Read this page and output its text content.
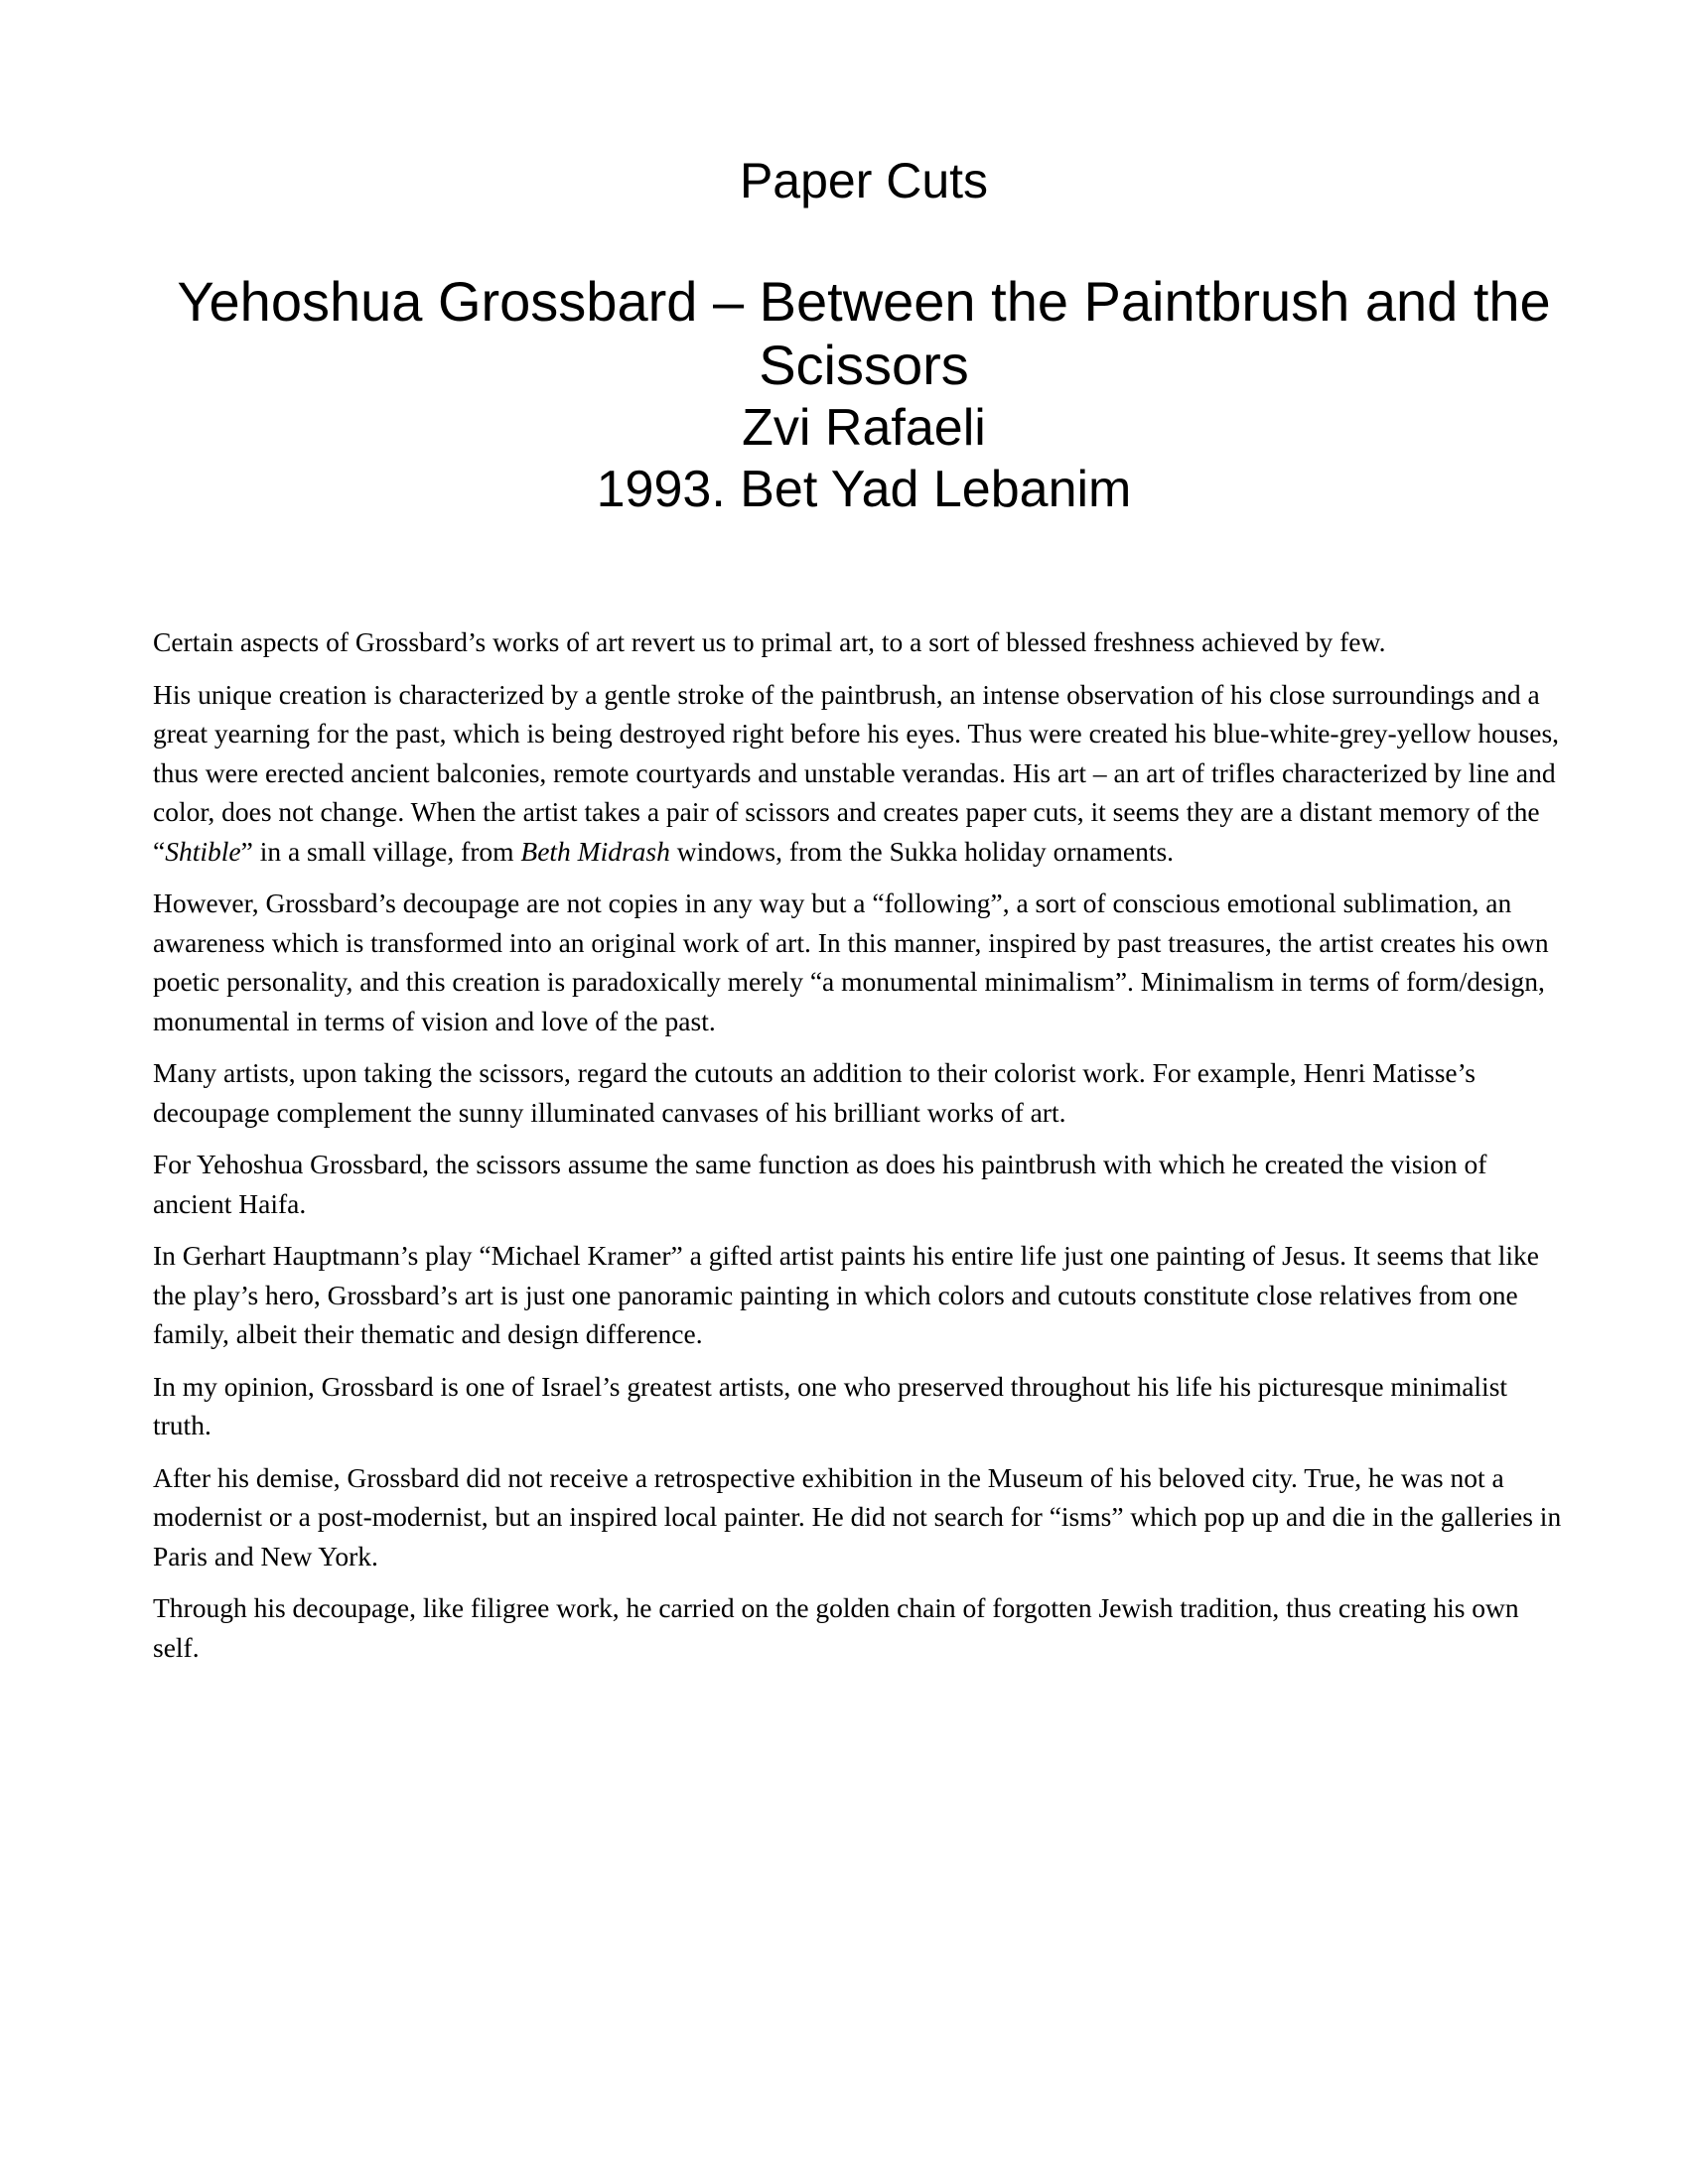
Paper Cuts
Yehoshua Grossbard – Between the Paintbrush and the Scissors
Zvi Rafaeli
1993. Bet Yad Lebanim

Certain aspects of Grossbard’s works of art revert us to primal art, to a sort of blessed freshness achieved by few.

His unique creation is characterized by a gentle stroke of the paintbrush, an intense observation of his close surroundings and a great yearning for the past, which is being destroyed right before his eyes. Thus were created his blue-white-grey-yellow houses, thus were erected ancient balconies, remote courtyards and unstable verandas. His art – an art of trifles characterized by line and color, does not change. When the artist takes a pair of scissors and creates paper cuts, it seems they are a distant memory of the “Shtible” in a small village, from Beth Midrash windows, from the Sukka holiday ornaments.

However, Grossbard’s decoupage are not copies in any way but a “following”, a sort of conscious emotional sublimation, an awareness which is transformed into an original work of art. In this manner, inspired by past treasures, the artist creates his own poetic personality, and this creation is paradoxically merely “a monumental minimalism”. Minimalism in terms of form/design, monumental in terms of vision and love of the past.

Many artists, upon taking the scissors, regard the cutouts an addition to their colorist work. For example, Henri Matisse’s decoupage complement the sunny illuminated canvases of his brilliant works of art.

For Yehoshua Grossbard, the scissors assume the same function as does his paintbrush with which he created the vision of ancient Haifa.

In Gerhart Hauptmann’s play “Michael Kramer” a gifted artist paints his entire life just one painting of Jesus. It seems that like the play’s hero, Grossbard’s art is just one panoramic painting in which colors and cutouts constitute close relatives from one family, albeit their thematic and design difference.

In my opinion, Grossbard is one of Israel’s greatest artists, one who preserved throughout his life his picturesque minimalist truth.

After his demise, Grossbard did not receive a retrospective exhibition in the Museum of his beloved city. True, he was not a modernist or a post-modernist, but an inspired local painter. He did not search for “isms” which pop up and die in the galleries in Paris and New York.

Through his decoupage, like filigree work, he carried on the golden chain of forgotten Jewish tradition, thus creating his own self.
